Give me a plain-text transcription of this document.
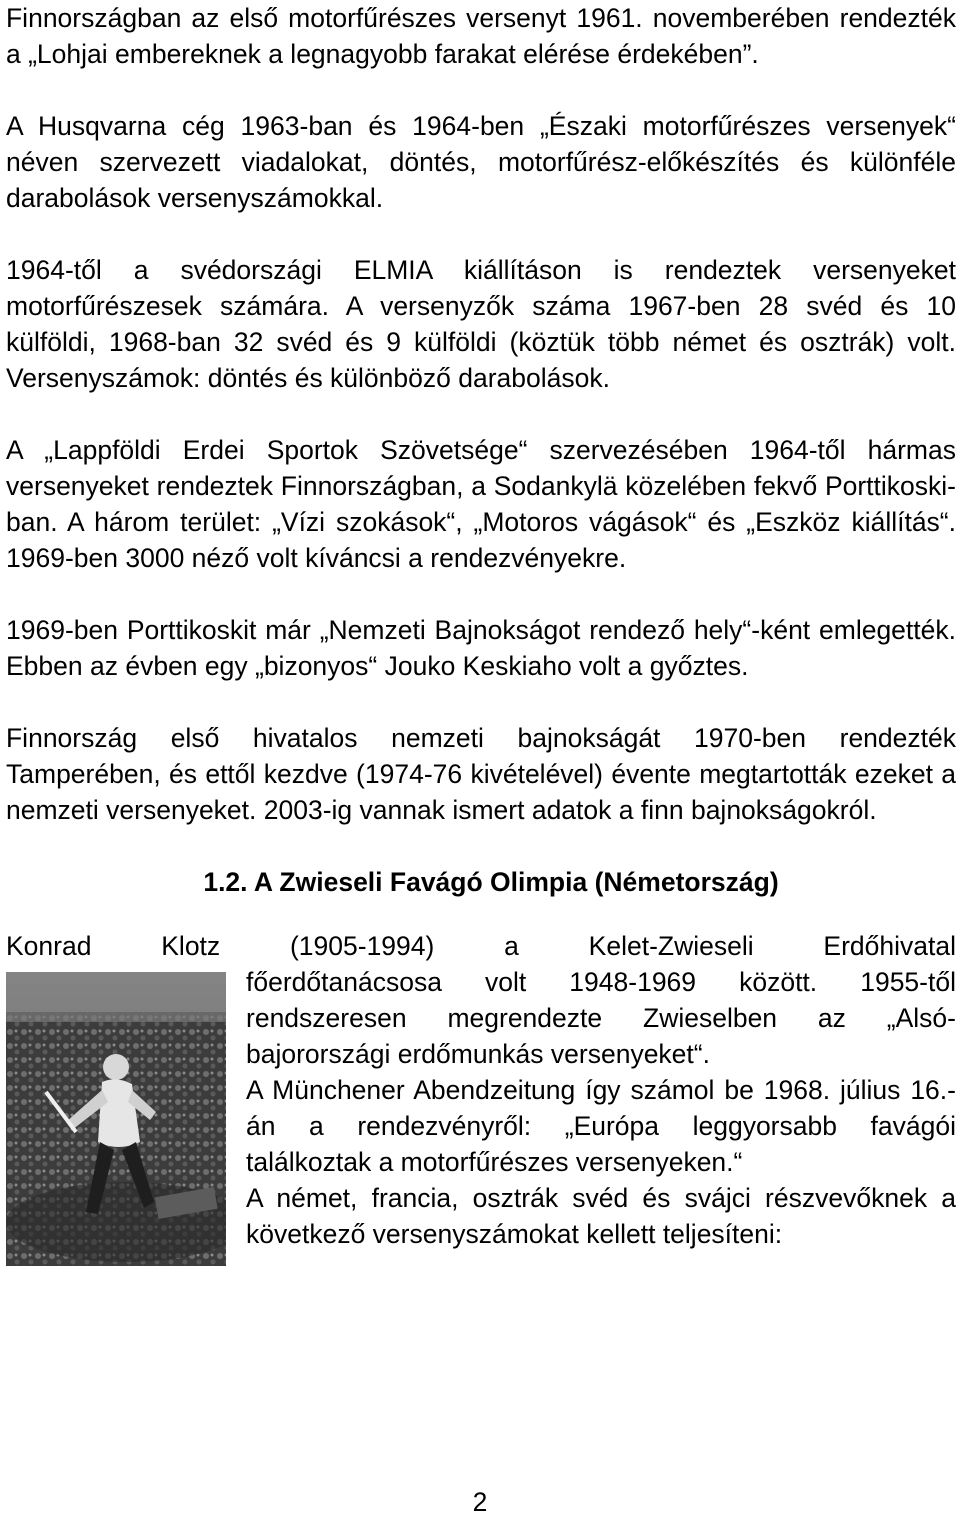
Finnországban az első motorfűrészes versenyt 1961. novemberében rendezték a „Lohjai embereknek a legnagyobb farakat elérése érdekében”.

A Husqvarna cég 1963-ban és 1964-ben „Északi motorfűrészes versenyek“ néven szervezett viadalokat, döntés, motorfűrész-előkészítés és különféle darabolások versenyszámokkal.

1964-től a svédországi ELMIA kiállításon is rendeztek versenyeket motorfűrészesek számára. A versenyzők száma 1967-ben 28 svéd és 10 külföldi, 1968-ban 32 svéd és 9 külföldi (köztük több német és osztrák) volt. Versenyszámok: döntés és különböző darabolások.

A „Lappföldi Erdei Sportok Szövetsége“ szervezésében 1964-től hármas versenyeket rendeztek Finnországban, a Sodankylä közelében fekvő Porttikoski-ban. A három terület: „Vízi szokások“, „Motoros vágások“ és „Eszköz kiállítás“. 1969-ben 3000 néző volt kíváncsi a rendezvényekre.

1969-ben Porttikoskit már „Nemzeti Bajnokságot rendező hely“-ként emlegették. Ebben az évben egy „bizonyos“ Jouko Keskiaho volt a győztes.

Finnország első hivatalos nemzeti bajnokságát 1970-ben rendezték Tamperében, és ettől kezdve (1974-76 kivételével) évente megtartották ezeket a nemzeti versenyeket. 2003-ig vannak ismert adatok a finn bajnokságokról.

1.2. A Zwieseli Favágó Olimpia (Németország)

Konrad Klotz (1905-1994) a Kelet-Zwieseli Erdőhivatal

főerdőtanácsosa volt 1948-1969 között. 1955-től rendszeresen megrendezte Zwieselben az „Alsó-bajorországi erdőmunkás versenyeket“.

A Münchener Abendzeitung így számol be 1968. július 16.-án a rendezvényről: „Európa leggyorsabb favágói találkoztak a motorfűrészes versenyeken.“

A német, francia, osztrák svéd és svájci részvevőknek a következő versenyszámokat kellett teljesíteni:

2
